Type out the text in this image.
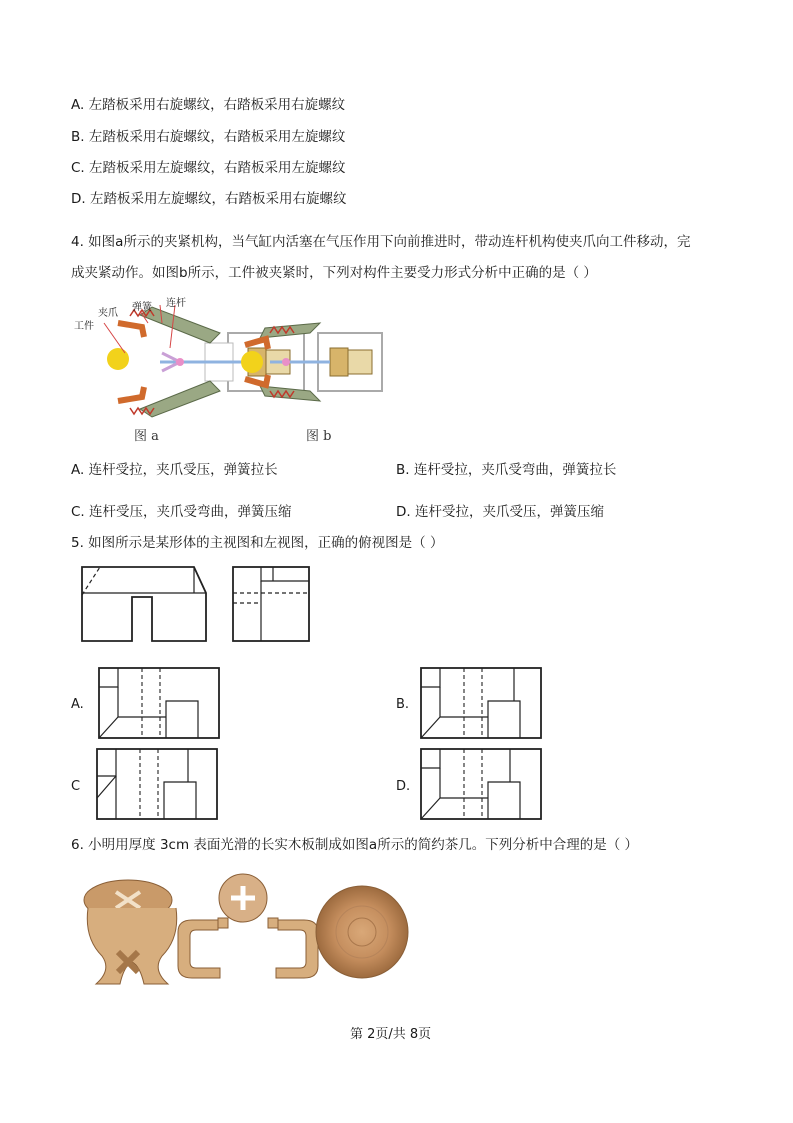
A. 左踏板采用右旋螺纹，右踏板采用右旋螺纹
B. 左踏板采用右旋螺纹，右踏板采用左旋螺纹
C. 左踏板采用左旋螺纹，右踏板采用左旋螺纹
D. 左踏板采用左旋螺纹，右踏板采用右旋螺纹
4. 如图a所示的夹紧机构，当气缸内活塞在气压作用下向前推进时，带动连杆机构使夹爪向工件移动，完
成夹紧动作。如图b所示，工件被夹紧时，下列对构件主要受力形式分析中正确的是（ ）
工件
夹爪
弹簧 连杆
图 a	图 b
A. 连杆受拉，夹爪受压，弹簧拉长	B. 连杆受拉，夹爪受弯曲，弹簧拉长
C. 连杆受压，夹爪受弯曲，弹簧压缩	D. 连杆受拉，夹爪受压，弹簧压缩
5. 如图所示是某形体的主视图和左视图，正确的俯视图是（ ）
A.	B.
C	D.
6. 小明用厚度 3cm 表面光滑的长实木板制成如图a所示的简约茶几。下列分析中合理的是（ ）
第 2页/共 8页
